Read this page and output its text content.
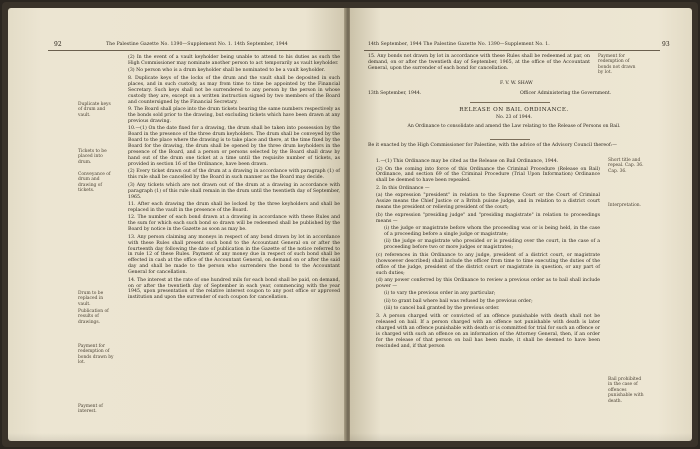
92	The Palestine Gazette No. 1390—Supplement No. 1. 14th September, 1944
Duplicate keys of drum and vault.
Tickets to be placed into drum.
Conveyance of drum and drawing of tickets.
Drum to be replaced in vault.
Publication of results of drawings.
Payment for redemption of bonds drawn by lot.
Payment of interest.

(2) In the event of a vault keyholder being unable to attend to his duties as such the High Commissioner may nominate another person to act temporarily as vault keyholder.

(3) No person who is a drum keyholder shall be nominated to be a vault keyholder.

8. Duplicate keys of the locks of the drum and the vault shall be deposited in such places, and in such custody, as may from time to time be appointed by the Financial Secretary. Such keys shall not be surrendered to any person by the person in whose custody they are, except on a written instruction signed by two members of the Board and countersigned by the Financial Secretary.

9. The Board shall place into the drum tickets bearing the same numbers respectively as the bonds sold prior to the drawing, but excluding tickets which have been drawn at any previous drawing.

10.—(1) On the date fixed for a drawing, the drum shall be taken into possession by the Board in the presence of the three drum keyholders. The drum shall be conveyed by the Board to the place where the drawing is to take place and there, at the time fixed by the Board for the drawing, the drum shall be opened by the three drum keyholders in the presence of the Board, and a person or persons selected by the Board shall draw by hand out of the drum one ticket at a time until the requisite number of tickets, as provided in section 16 of the Ordinance, have been drawn.

(2) Every ticket drawn out of the drum at a drawing in accordance with paragraph (1) of this rule shall be cancelled by the Board in such manner as the Board may decide.

(3) Any tickets which are not drawn out of the drum at a drawing in accordance with paragraph (1) of this rule shall remain in the drum until the twentieth day of September, 1965.

11. After each drawing the drum shall be locked by the three keyholders and shall be replaced in the vault in the presence of the Board.

12. The number of each bond drawn at a drawing in accordance with these Rules and the sum for which each such bond so drawn will be redeemed shall be published by the Board by notice in the Gazette as soon as may be.

13. Any person claiming any moneys in respect of any bond drawn by lot in accordance with these Rules shall present such bond to the Accountant General on or after the fourteenth day following the date of publication in the Gazette of the notice referred to in rule 12 of these Rules. Payment of any money due in respect of such bond shall be effected in cash at the office of the Accountant General, on demand on or after the said day and shall be made to the person who surrenders the bond to the Accountant General for cancellation.

14. The interest at the rate of one hundred mils for each bond shall be paid, on demand, on or after the twentieth day of September in each year, commencing with the year 1945, upon presentation of the relative interest coupon to any post office or approved institution and upon the surrender of such coupon for cancellation.

14th September, 1944 The Palestine Gazette No. 1390—Supplement No. 1.	93
15. Any bonds not drawn by lot in accordance with these Rules shall be redeemed at par, on demand, on or after the twentieth day of September, 1965, at the office of the Accountant General, upon the surrender of each bond for cancellation.
Payment for redemption of bonds not drawn by lot.
F. V. W. SHAW
13th September, 1944.	Officer Administering the Government.
RELEASE ON BAIL ORDINANCE.
No. 23 of 1944.
An Ordinance to consolidate and amend the Law relating to the Release of Persons on Bail.
Be it enacted by the High Commissioner for Palestine, with the advice of the Advisory Council thereof:—
Short title and repeal. Cap. 36. Cap. 36.
Interpretation.
Bail prohibited in the case of offences punishable with death.

1.—(1) This Ordinance may be cited as the Release on Bail Ordinance, 1944.

(2) On the coming into force of this Ordinance the Criminal Procedure (Release on Bail) Ordinance, and section 69 of the Criminal Procedure (Trial Upon Information) Ordinance shall be deemed to have been repealed.

2. In this Ordinance —

(a) the expression "president" in relation to the Supreme Court or the Court of Criminal Assize means the Chief Justice or a Britsh puisne judge, and in relation to a district court means the president or relieving president of the court;

(b) the expression "presiding judge" and "presiding magistrate" in relation to proceedings means —

(i) the judge or magistrate before whom the proceeding was or is being held, in the case of a proceeding before a single judge or magistrate;

(ii) the judge or magistrate who presided or is presiding over the court, in the case of a proceeding before two or more judges or magistrates;

(c) references in this Ordinance to any judge, president of a district court, or magistrate (howsoever described) shall include the officer from time to time executing the duties of the office of the judge, president of the district court or magistrate in question, or any part of such duties;

(d) any power conferred by this Ordinance to review a previous order as to bail shall include power —

(i) to vary the previous order in any particular;

(ii) to grant bail where bail was refused by the previous order;

(iii) to cancel bail granted by the previous order.

3. A person charged with or convicted of an offence punishable with death shall not be released on bail. If a person charged with an offence not punishable with death is later charged with an offence punishable with death or is committed for trial for such an offence or is charged with such an offence on an information of the Attorney General, then, if an order for the release of that person on bail has been made, it shall be deemed to have been rescinded and, if that person
